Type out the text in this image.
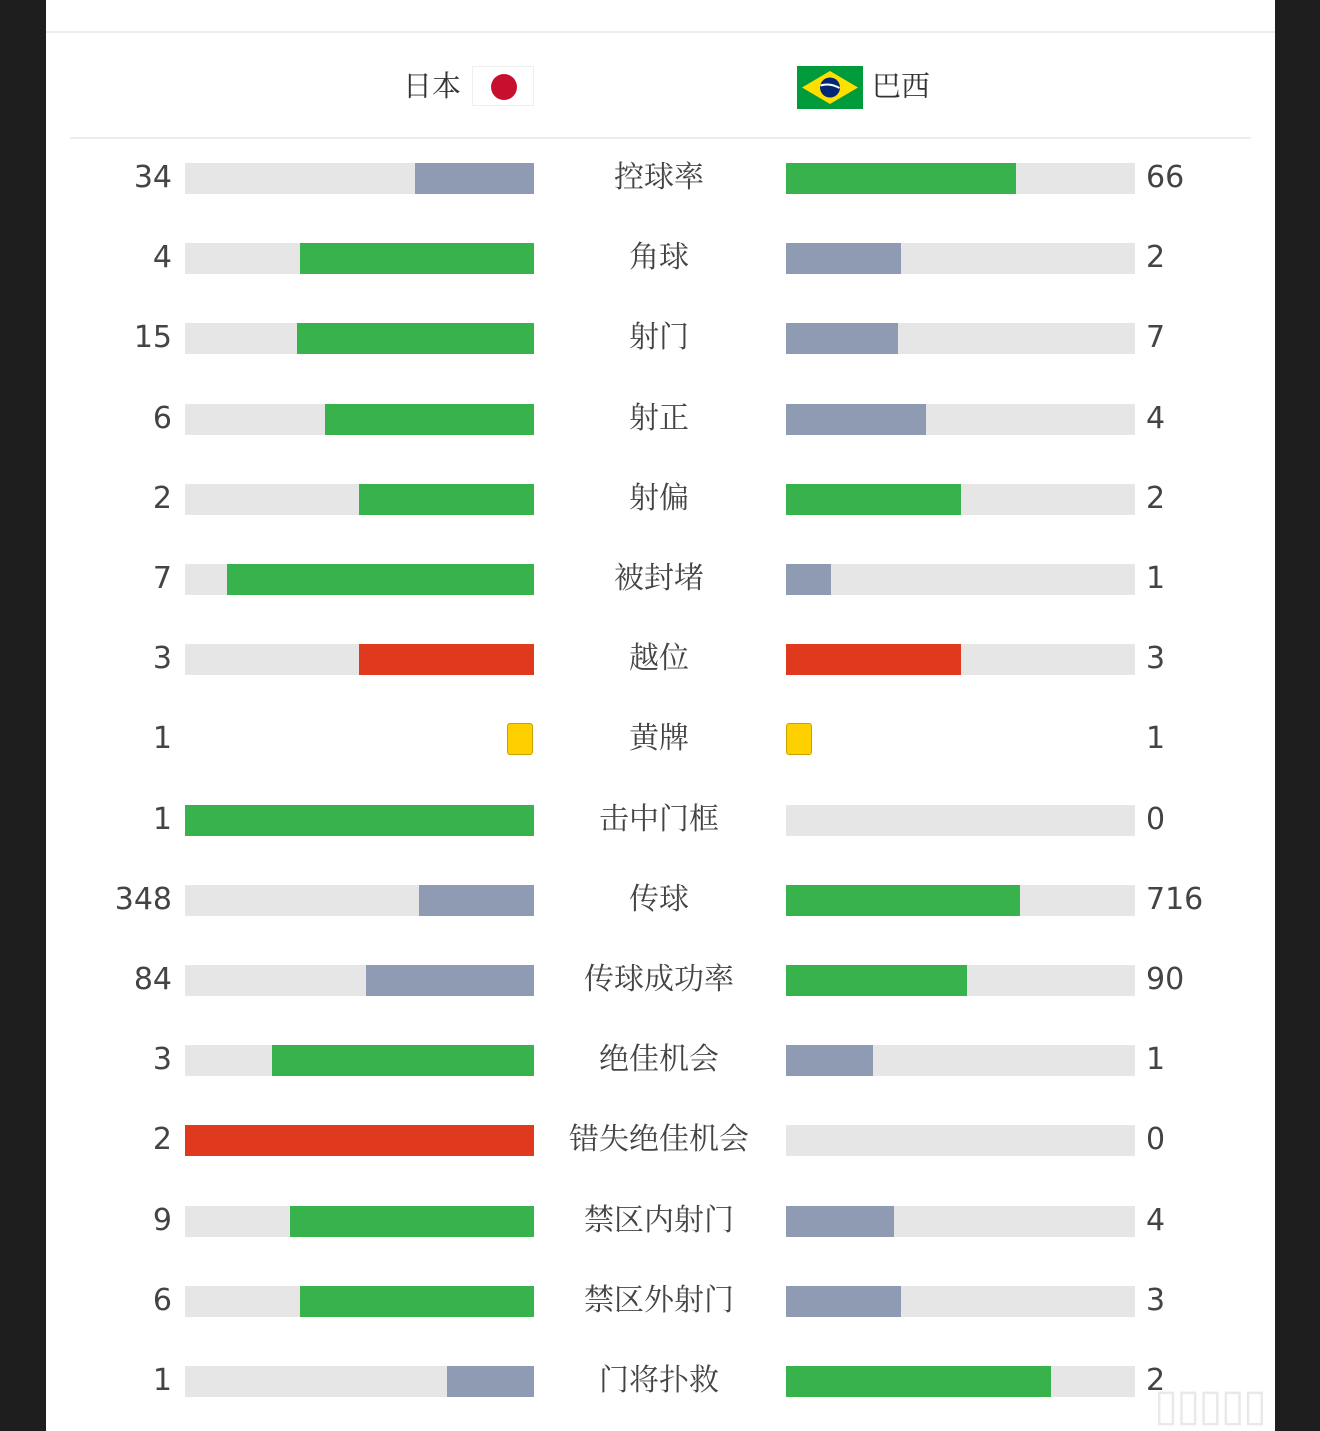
日本	巴西
34	控球率	66
4	角球	2
15	射门	7
6	射正	4
2	射偏	2
7	被封堵	1
3	越位	3
1	黄牌	1
1	击中门框	0
348	传球	716
84	传球成功率	90
3	绝佳机会	1
2	错失绝佳机会	0
9	禁区内射门	4
6	禁区外射门	3
1	门将扑救	2
▯▯▯▯▯
